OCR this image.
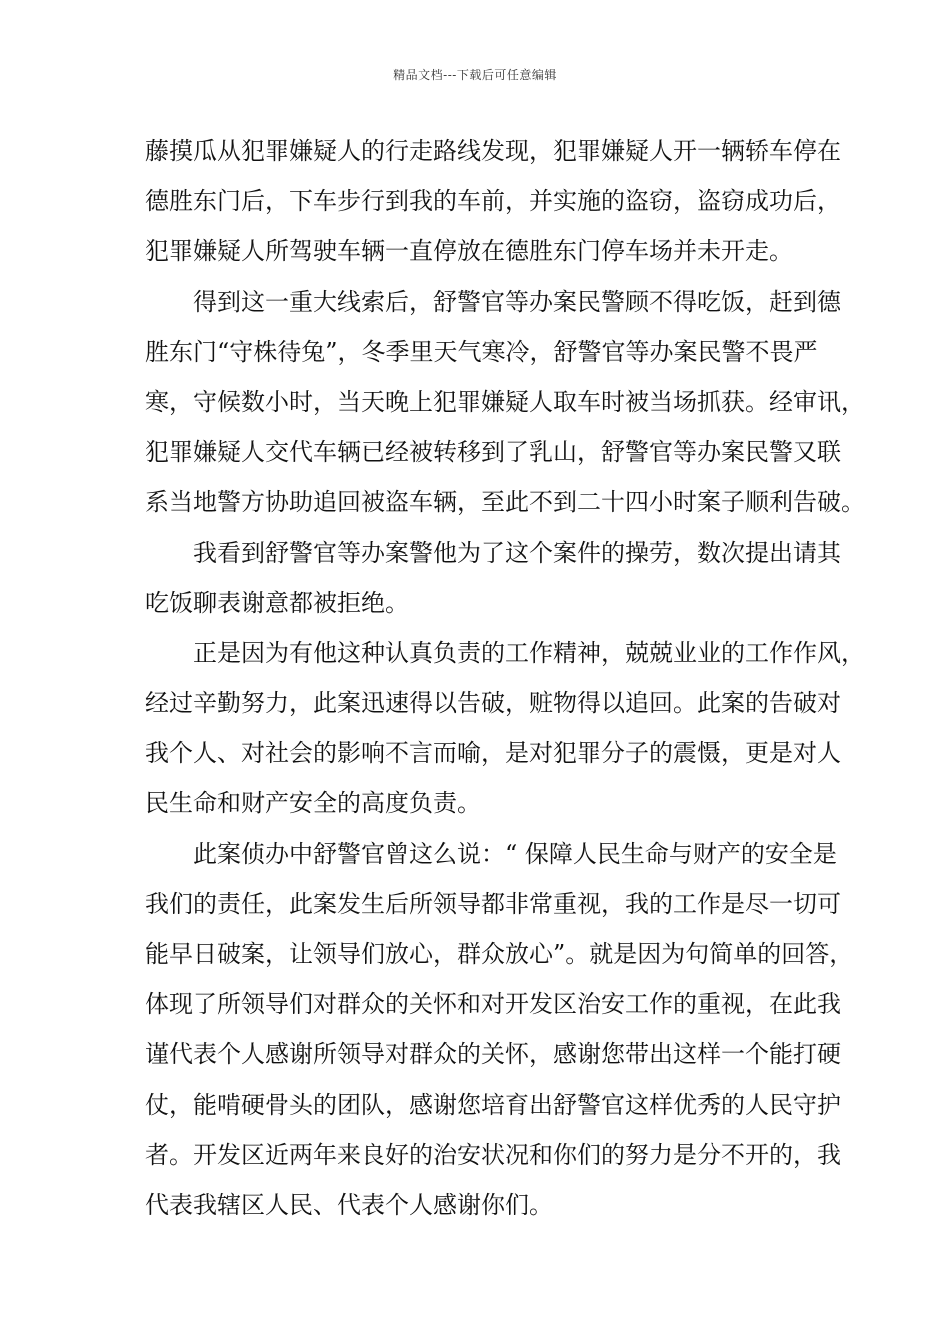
精品文档---下载后可任意编辑
藤摸瓜从犯罪嫌疑人的行走路线发现，犯罪嫌疑人开一辆轿车停在
德胜东门后，下车步行到我的车前，并实施的盗窃，盗窃成功后，
犯罪嫌疑人所驾驶车辆一直停放在德胜东门停车场并未开走。
得到这一重大线索后，舒警官等办案民警顾不得吃饭，赶到德
胜东门“守株待兔”，冬季里天气寒冷，舒警官等办案民警不畏严
寒，守候数小时，当天晚上犯罪嫌疑人取车时被当场抓获。经审讯，
犯罪嫌疑人交代车辆已经被转移到了乳山，舒警官等办案民警又联
系当地警方协助追回被盗车辆，至此不到二十四小时案子顺利告破。
我看到舒警官等办案警他为了这个案件的操劳，数次提出请其
吃饭聊表谢意都被拒绝。
正是因为有他这种认真负责的工作精神，兢兢业业的工作作风，
经过辛勤努力，此案迅速得以告破，赃物得以追回。此案的告破对
我个人、对社会的影响不言而喻，是对犯罪分子的震慑，更是对人
民生命和财产安全的高度负责。
此案侦办中舒警官曾这么说：“ 保障人民生命与财产的安全是
我们的责任，此案发生后所领导都非常重视，我的工作是尽一切可
能早日破案，让领导们放心，群众放心”。就是因为句简单的回答，
体现了所领导们对群众的关怀和对开发区治安工作的重视，在此我
谨代表个人感谢所领导对群众的关怀，感谢您带出这样一个能打硬
仗，能啃硬骨头的团队，感谢您培育出舒警官这样优秀的人民守护
者。开发区近两年来良好的治安状况和你们的努力是分不开的，我
代表我辖区人民、代表个人感谢你们。
